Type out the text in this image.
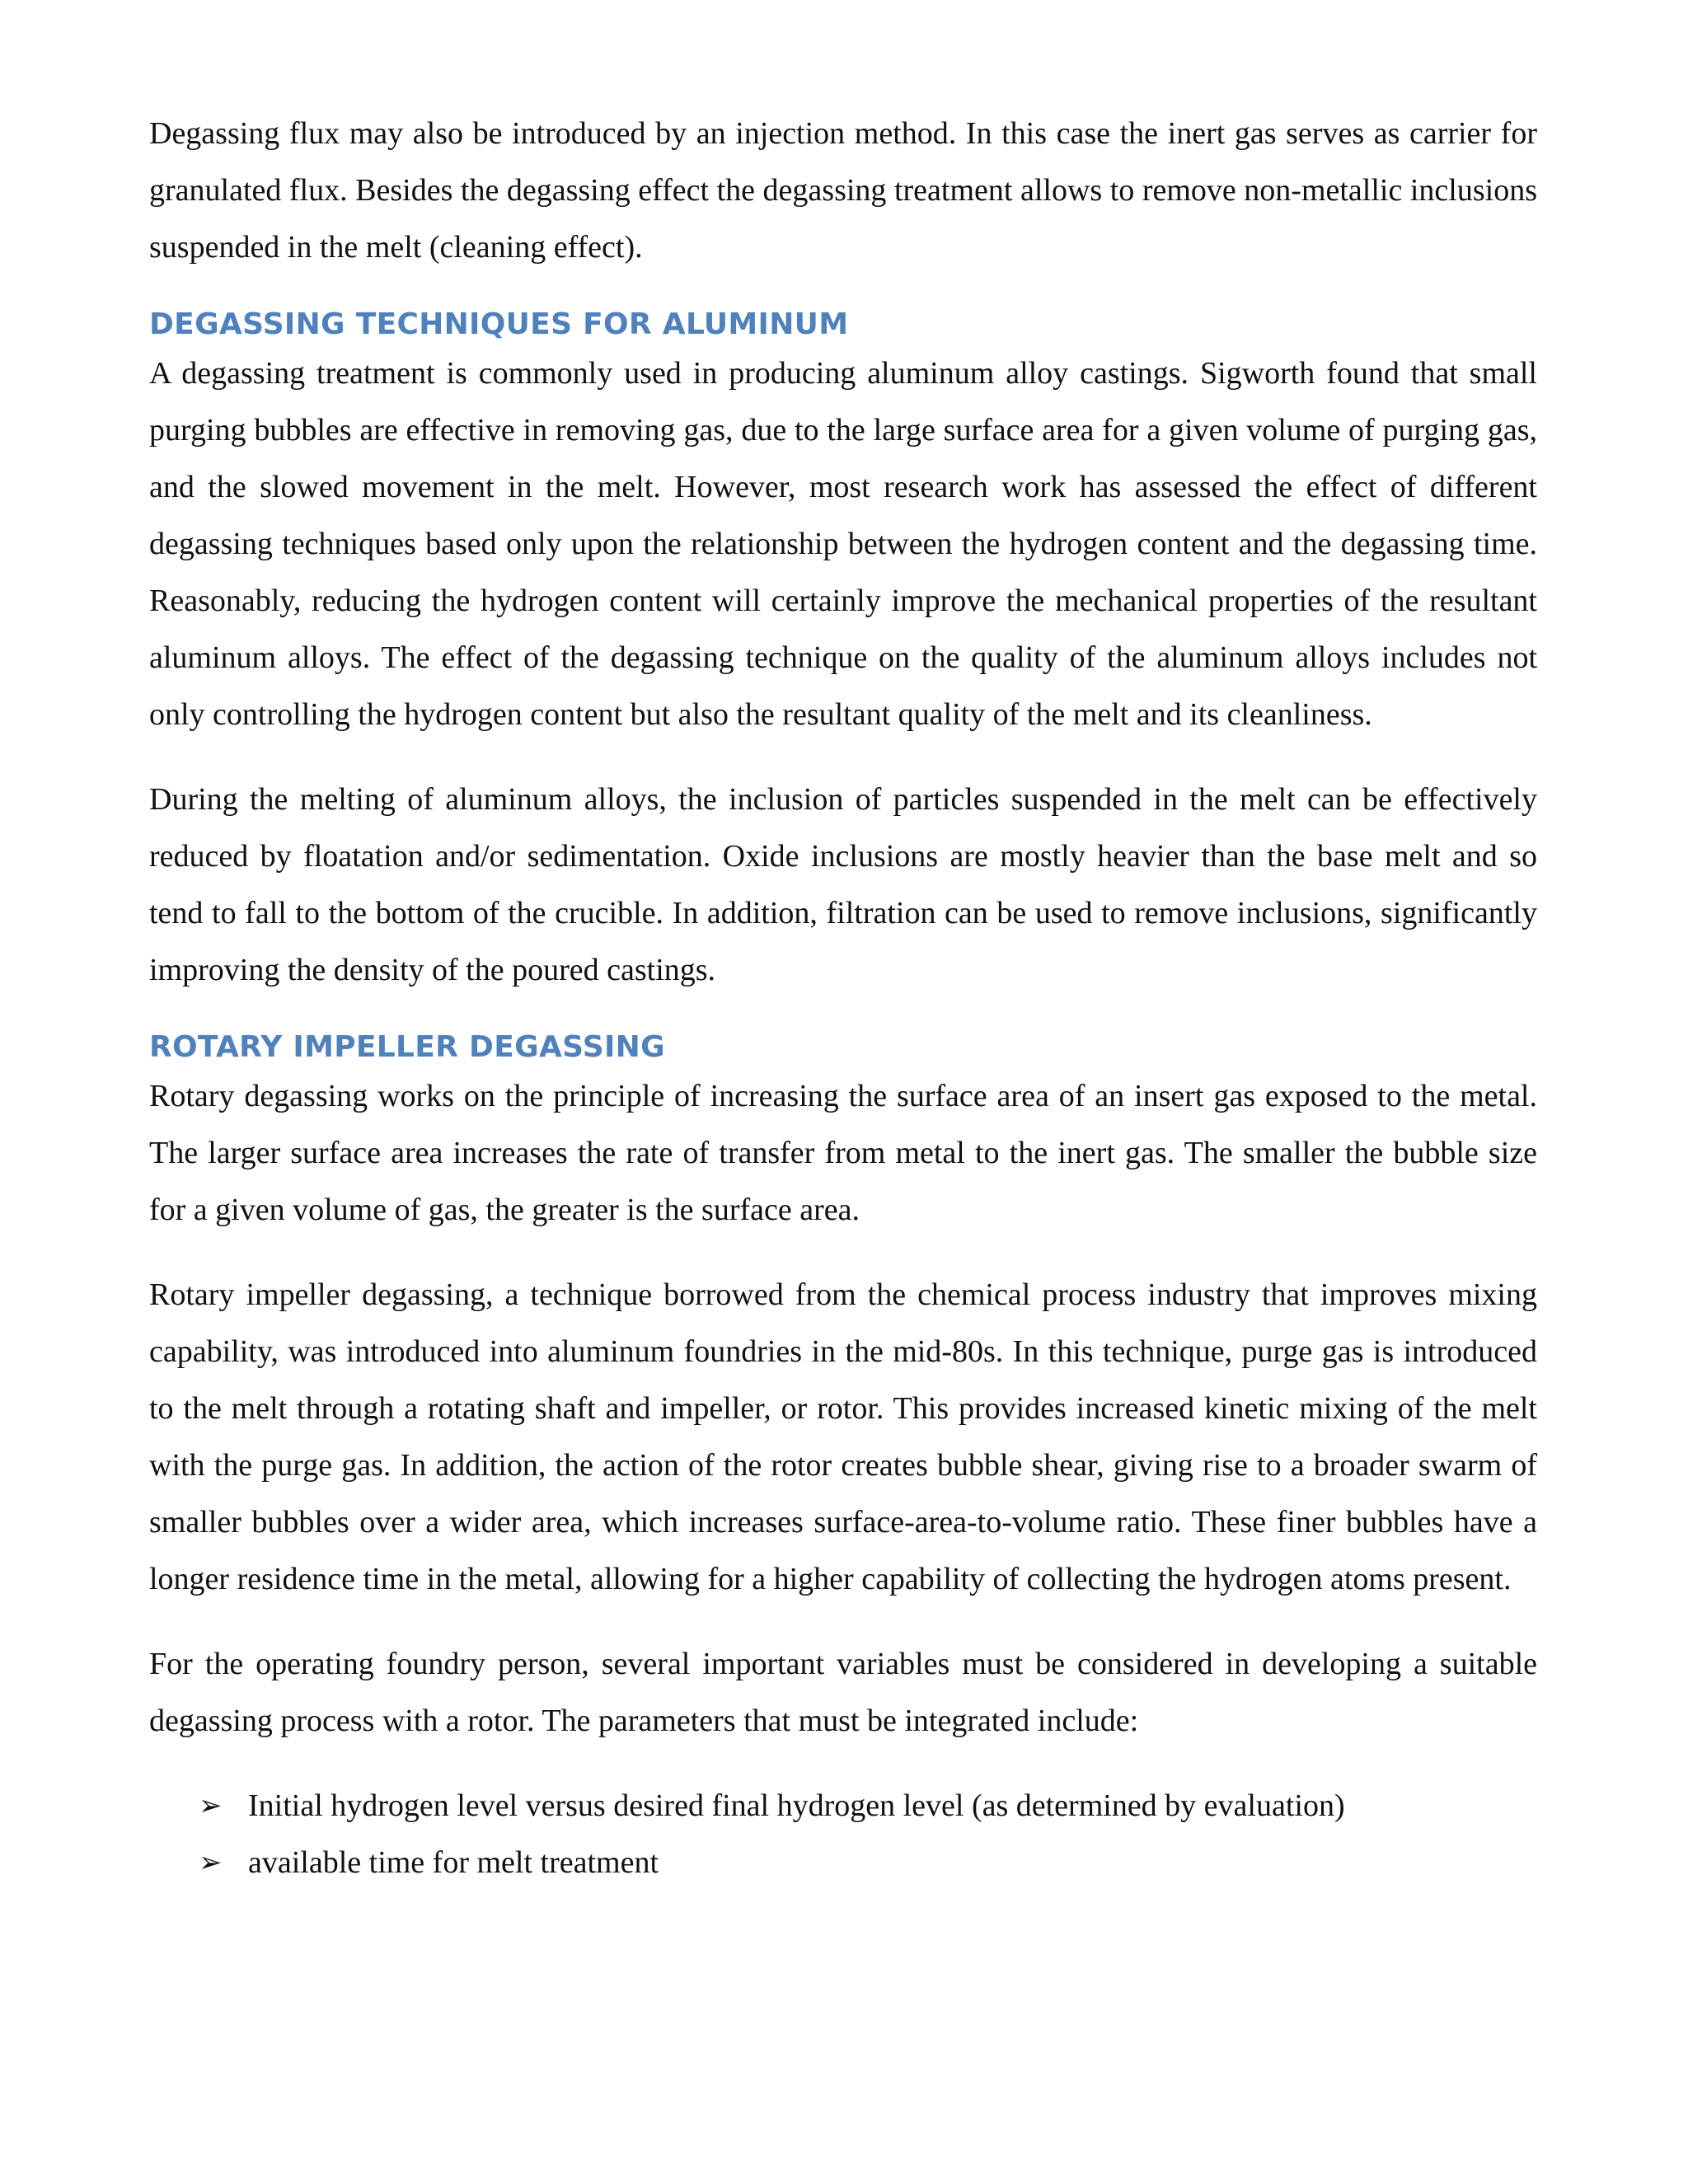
Degassing flux may also be introduced by an injection method. In this case the inert gas serves as carrier for granulated flux. Besides the degassing effect the degassing treatment allows to remove non-metallic inclusions suspended in the melt (cleaning effect).

DEGASSING TECHNIQUES FOR ALUMINUM

A degassing treatment is commonly used in producing aluminum alloy castings. Sigworth found that small purging bubbles are effective in removing gas, due to the large surface area for a given volume of purging gas, and the slowed movement in the melt. However, most research work has assessed the effect of different degassing techniques based only upon the relationship between the hydrogen content and the degassing time. Reasonably, reducing the hydrogen content will certainly improve the mechanical properties of the resultant aluminum alloys. The effect of the degassing technique on the quality of the aluminum alloys includes not only controlling the hydrogen content but also the resultant quality of the melt and its cleanliness.

During the melting of aluminum alloys, the inclusion of particles suspended in the melt can be effectively reduced by floatation and/or sedimentation. Oxide inclusions are mostly heavier than the base melt and so tend to fall to the bottom of the crucible. In addition, filtration can be used to remove inclusions, significantly improving the density of the poured castings.

ROTARY IMPELLER DEGASSING

Rotary degassing works on the principle of increasing the surface area of an insert gas exposed to the metal. The larger surface area increases the rate of transfer from metal to the inert gas. The smaller the bubble size for a given volume of gas, the greater is the surface area.

Rotary impeller degassing, a technique borrowed from the chemical process industry that improves mixing capability, was introduced into aluminum foundries in the mid-80s. In this technique, purge gas is introduced to the melt through a rotating shaft and impeller, or rotor. This provides increased kinetic mixing of the melt with the purge gas. In addition, the action of the rotor creates bubble shear, giving rise to a broader swarm of smaller bubbles over a wider area, which increases surface-area-to-volume ratio. These finer bubbles have a longer residence time in the metal, allowing for a higher capability of collecting the hydrogen atoms present.

For the operating foundry person, several important variables must be considered in developing a suitable degassing process with a rotor. The parameters that must be integrated include:

➢ Initial hydrogen level versus desired final hydrogen level (as determined by evaluation)
➢ available time for melt treatment
